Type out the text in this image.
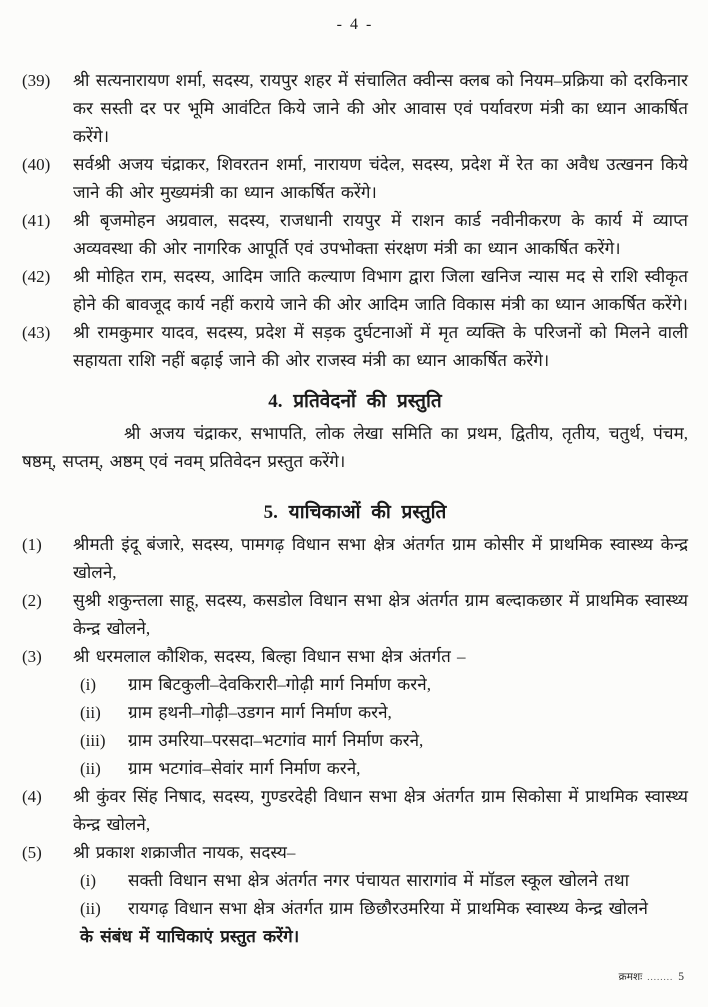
- 4 -
(39)	श्री सत्यनारायण शर्मा, सदस्य, रायपुर शहर में संचालित क्वीन्स क्लब को नियम–प्रक्रिया को दरकिनार कर सस्ती दर पर भूमि आवंटित किये जाने की ओर आवास एवं पर्यावरण मंत्री का ध्यान आकर्षित करेंगे।
(40)	सर्वश्री अजय चंद्राकर, शिवरतन शर्मा, नारायण चंदेल, सदस्य, प्रदेश में रेत का अवैध उत्खनन किये जाने की ओर मुख्यमंत्री का ध्यान आकर्षित करेंगे।
(41)	श्री बृजमोहन अग्रवाल, सदस्य, राजधानी रायपुर में राशन कार्ड नवीनीकरण के कार्य में व्याप्त अव्यवस्था की ओर नागरिक आपूर्ति एवं उपभोक्ता संरक्षण मंत्री का ध्यान आकर्षित करेंगे।
(42)	श्री मोहित राम, सदस्य, आदिम जाति कल्याण विभाग द्वारा जिला खनिज न्यास मद से राशि स्वीकृत होने की बावजूद कार्य नहीं कराये जाने की ओर आदिम जाति विकास मंत्री का ध्यान आकर्षित करेंगे।
(43)	श्री रामकुमार यादव, सदस्य, प्रदेश में सड़क दुर्घटनाओं में मृत व्यक्ति के परिजनों को मिलने वाली सहायता राशि नहीं बढ़ाई जाने की ओर राजस्व मंत्री का ध्यान आकर्षित करेंगे।
4. प्रतिवेदनों की प्रस्तुति

श्री अजय चंद्राकर, सभापति, लोक लेखा समिति का प्रथम, द्वितीय, तृतीय, चतुर्थ, पंचम, षष्ठम्, सप्तम्, अष्ठम् एवं नवम् प्रतिवेदन प्रस्तुत करेंगे।

5. याचिकाओं की प्रस्तुति
(1)	श्रीमती इंदू बंजारे, सदस्य, पामगढ़ विधान सभा क्षेत्र अंतर्गत ग्राम कोसीर में प्राथमिक स्वास्थ्य केन्द्र खोलने,
(2)	सुश्री शकुन्तला साहू, सदस्य, कसडोल विधान सभा क्षेत्र अंतर्गत ग्राम बल्दाकछार में प्राथमिक स्वास्थ्य केन्द्र खोलने,
(3)	श्री धरमलाल कौशिक, सदस्य, बिल्हा विधान सभा क्षेत्र अंतर्गत –
(i)	ग्राम बिटकुली–देवकिरारी–गोढ़ी मार्ग निर्माण करने,
(ii)	ग्राम हथनी–गोढ़ी–उडगन मार्ग निर्माण करने,
(iii)	ग्राम उमरिया–परसदा–भटगांव मार्ग निर्माण करने,
(ii)	ग्राम भटगांव–सेवांर मार्ग निर्माण करने,
(4)	श्री कुंवर सिंह निषाद, सदस्य, गुण्डरदेही विधान सभा क्षेत्र अंतर्गत ग्राम सिकोसा में प्राथमिक स्वास्थ्य केन्द्र खोलने,
(5)	श्री प्रकाश शक्राजीत नायक, सदस्य–
(i)	सक्ती विधान सभा क्षेत्र अंतर्गत नगर पंचायत सारागांव में मॉडल स्कूल खोलने तथा
(ii)	रायगढ़ विधान सभा क्षेत्र अंतर्गत ग्राम छिछौरउमरिया में प्राथमिक स्वास्थ्य केन्द्र खोलने
के संबंध में याचिकाएं प्रस्तुत करेंगे।
क्रमशः ........ 5
